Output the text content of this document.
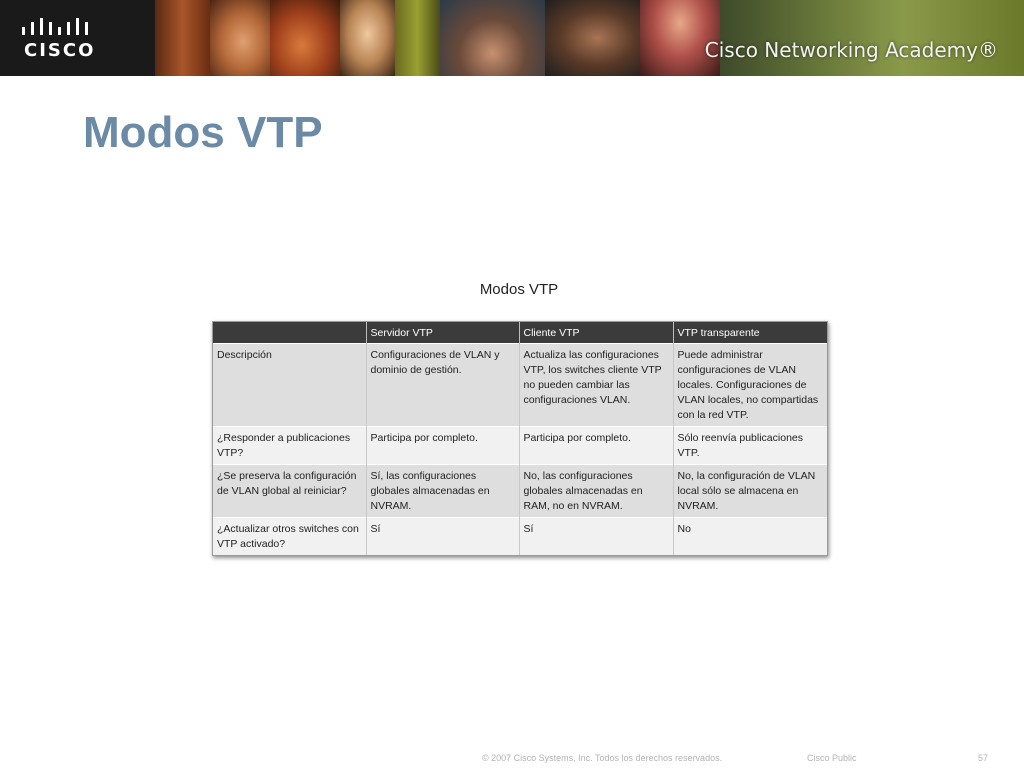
CISCO	Cisco Networking Academy®
Modos VTP
Modos VTP
	Servidor VTP	Cliente VTP	VTP transparente
Descripción	Configuraciones de VLAN y dominio de gestión.	Actualiza las configuraciones VTP, los switches cliente VTP no pueden cambiar las configuraciones VLAN.	Puede administrar configuraciones de VLAN locales. Configuraciones de VLAN locales, no compartidas con la red VTP.
¿Responder a publicaciones VTP?	Participa por completo.	Participa por completo.	Sólo reenvía publicaciones VTP.
¿Se preserva la configuración de VLAN global al reiniciar?	Sí, las configuraciones globales almacenadas en NVRAM.	No, las configuraciones globales almacenadas en RAM, no en NVRAM.	No, la configuración de VLAN local sólo se almacena en NVRAM.
¿Actualizar otros switches con VTP activado?	Sí	Sí	No
© 2007 Cisco Systems, Inc. Todos los derechos reservados.	Cisco Public	57
